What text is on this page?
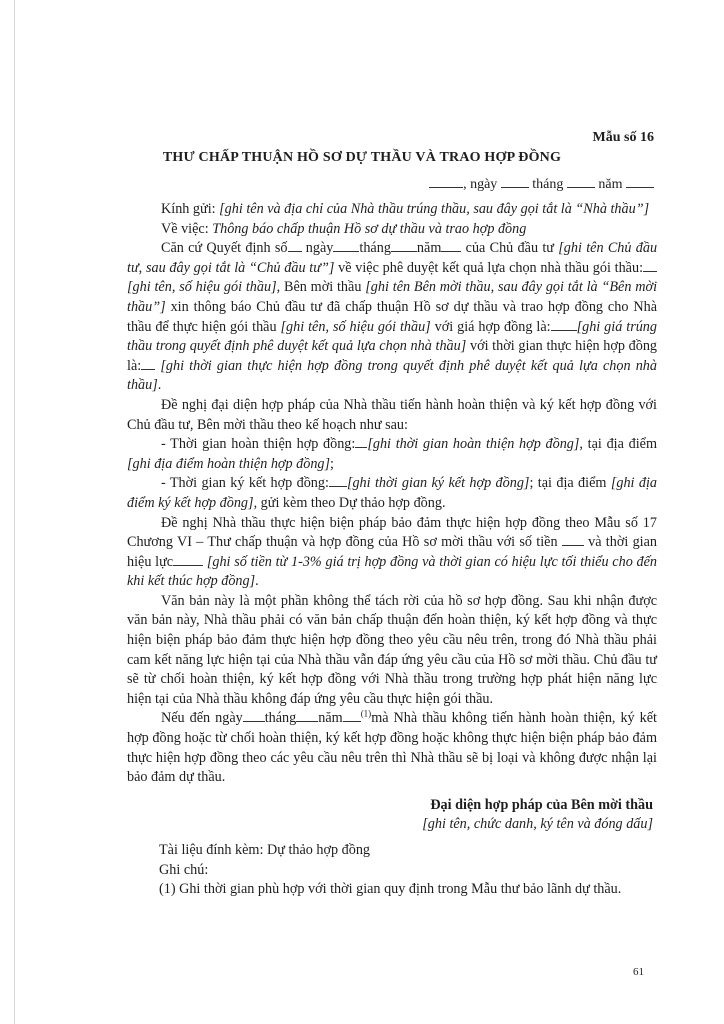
Mẫu số 16

THƯ CHẤP THUẬN HỒ SƠ DỰ THẦU VÀ TRAO HỢP ĐỒNG

, ngày	tháng	năm

Kính gửi: [ghi tên và địa chỉ của Nhà thầu trúng thầu, sau đây gọi tắt là “Nhà thầu”]

Về việc: Thông báo chấp thuận Hồ sơ dự thầu và trao hợp đồng

Căn cứ Quyết định số ngày tháng năm của Chủ đầu tư [ghi tên Chủ đầu tư, sau đây gọi tắt là “Chủ đầu tư”] về việc phê duyệt kết quả lựa chọn nhà thầu gói thầu: [ghi tên, số hiệu gói thầu], Bên mời thầu [ghi tên Bên mời thầu, sau đây gọi tắt là “Bên mời thầu”] xin thông báo Chủ đầu tư đã chấp thuận Hồ sơ dự thầu và trao hợp đồng cho Nhà thầu để thực hiện gói thầu [ghi tên, số hiệu gói thầu] với giá hợp đồng là: [ghi giá trúng thầu trong quyết định phê duyệt kết quả lựa chọn nhà thầu] với thời gian thực hiện hợp đồng là: [ghi thời gian thực hiện hợp đồng trong quyết định phê duyệt kết quả lựa chọn nhà thầu].

Đề nghị đại diện hợp pháp của Nhà thầu tiến hành hoàn thiện và ký kết hợp đồng với Chủ đầu tư, Bên mời thầu theo kế hoạch như sau:

- Thời gian hoàn thiện hợp đồng: [ghi thời gian hoàn thiện hợp đồng], tại địa điểm [ghi địa điểm hoàn thiện hợp đồng];

- Thời gian ký kết hợp đồng: [ghi thời gian ký kết hợp đồng]; tại địa điểm [ghi địa điểm ký kết hợp đồng], gửi kèm theo Dự thảo hợp đồng.

Đề nghị Nhà thầu thực hiện biện pháp bảo đảm thực hiện hợp đồng theo Mẫu số 17 Chương VI – Thư chấp thuận và hợp đồng của Hồ sơ mời thầu với số tiền và thời gian hiệu lực [ghi số tiền từ 1-3% giá trị hợp đồng và thời gian có hiệu lực tối thiểu cho đến khi kết thúc hợp đồng].

Văn bản này là một phần không thể tách rời của hồ sơ hợp đồng. Sau khi nhận được văn bản này, Nhà thầu phải có văn bản chấp thuận đến hoàn thiện, ký kết hợp đồng và thực hiện biện pháp bảo đảm thực hiện hợp đồng theo yêu cầu nêu trên, trong đó Nhà thầu phải cam kết năng lực hiện tại của Nhà thầu vẫn đáp ứng yêu cầu của Hồ sơ mời thầu. Chủ đầu tư sẽ từ chối hoàn thiện, ký kết hợp đồng với Nhà thầu trong trường hợp phát hiện năng lực hiện tại của Nhà thầu không đáp ứng yêu cầu thực hiện gói thầu.

Nếu đến ngày tháng năm $^{(1)}$mà Nhà thầu không tiến hành hoàn thiện, ký kết hợp đồng hoặc từ chối hoàn thiện, ký kết hợp đồng hoặc không thực hiện biện pháp bảo đảm thực hiện hợp đồng theo các yêu cầu nêu trên thì Nhà thầu sẽ bị loại và không được nhận lại bảo đảm dự thầu.

Đại diện hợp pháp của Bên mời thầu

[ghi tên, chức danh, ký tên và đóng dấu]

Tài liệu đính kèm: Dự thảo hợp đồng

Ghi chú:

(1) Ghi thời gian phù hợp với thời gian quy định trong Mẫu thư bảo lãnh dự thầu.

61
